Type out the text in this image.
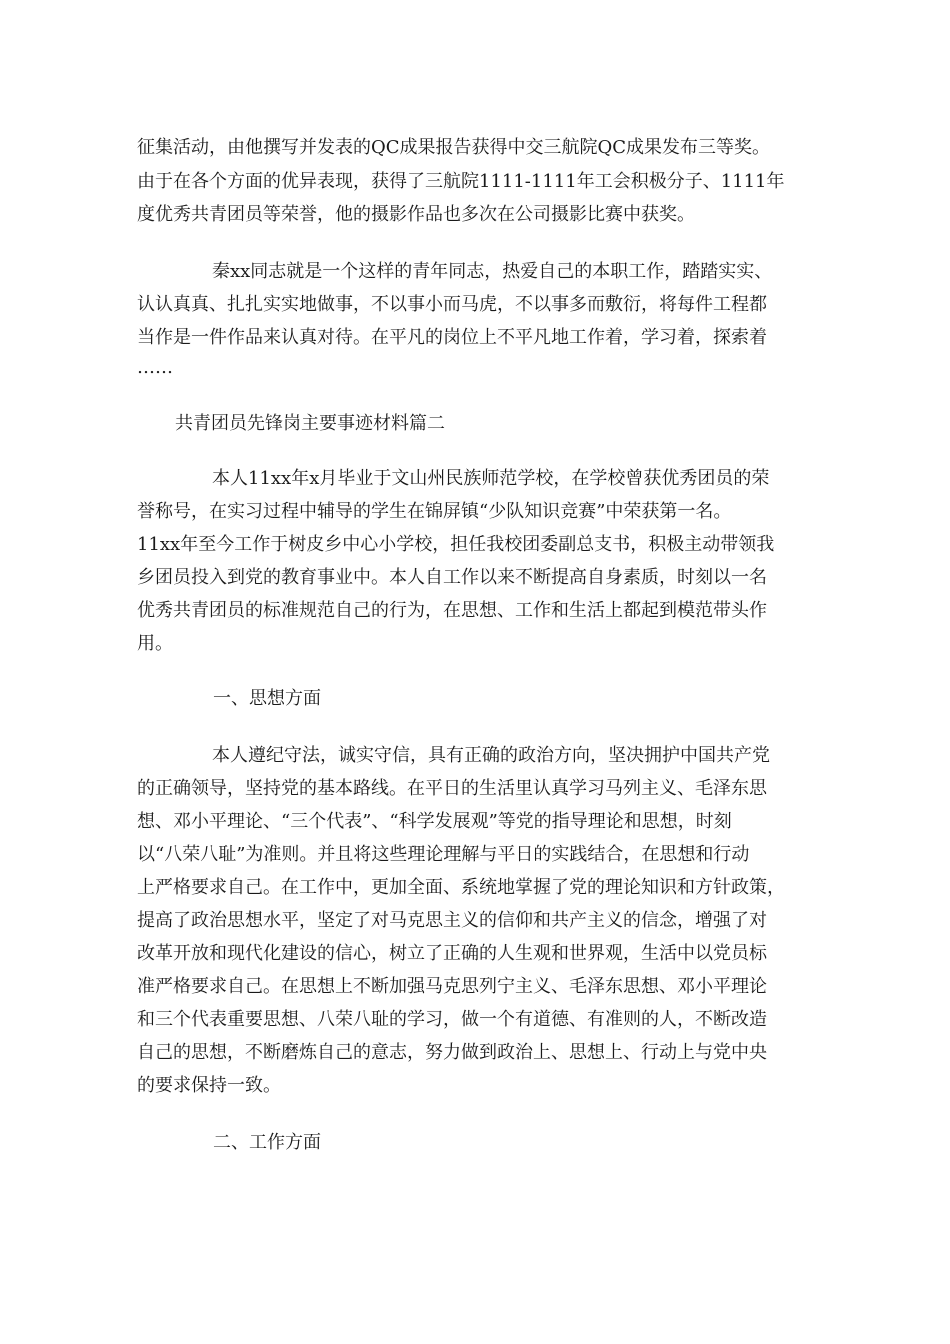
征集活动，由他撰写并发表的QC成果报告获得中交三航院QC成果发布三等奖。
由于在各个方面的优异表现，获得了三航院1111-1111年工会积极分子、1111年
度优秀共青团员等荣誉，他的摄影作品也多次在公司摄影比赛中获奖。
秦xx同志就是一个这样的青年同志，热爱自己的本职工作，踏踏实实、
认认真真、扎扎实实地做事，不以事小而马虎，不以事多而敷衍，将每件工程都
当作是一件作品来认真对待。在平凡的岗位上不平凡地工作着，学习着，探索着
……
共青团员先锋岗主要事迹材料篇二
本人11xx年x月毕业于文山州民族师范学校，在学校曾获优秀团员的荣
誉称号，在实习过程中辅导的学生在锦屏镇“少队知识竞赛”中荣获第一名。
11xx年至今工作于树皮乡中心小学校，担任我校团委副总支书，积极主动带领我
乡团员投入到党的教育事业中。本人自工作以来不断提高自身素质，时刻以一名
优秀共青团员的标准规范自己的行为，在思想、工作和生活上都起到模范带头作
用。
一、思想方面
本人遵纪守法，诚实守信，具有正确的政治方向，坚决拥护中国共产党
的正确领导，坚持党的基本路线。在平日的生活里认真学习马列主义、毛泽东思
想、邓小平理论、“三个代表”、“科学发展观”等党的指导理论和思想，时刻
以“八荣八耻”为准则。并且将这些理论理解与平日的实践结合，在思想和行动
上严格要求自己。在工作中，更加全面、系统地掌握了党的理论知识和方针政策，
提高了政治思想水平，坚定了对马克思主义的信仰和共产主义的信念，增强了对
改革开放和现代化建设的信心，树立了正确的人生观和世界观，生活中以党员标
准严格要求自己。在思想上不断加强马克思列宁主义、毛泽东思想、邓小平理论
和三个代表重要思想、八荣八耻的学习，做一个有道德、有准则的人，不断改造
自己的思想，不断磨炼自己的意志，努力做到政治上、思想上、行动上与党中央
的要求保持一致。
二、工作方面
